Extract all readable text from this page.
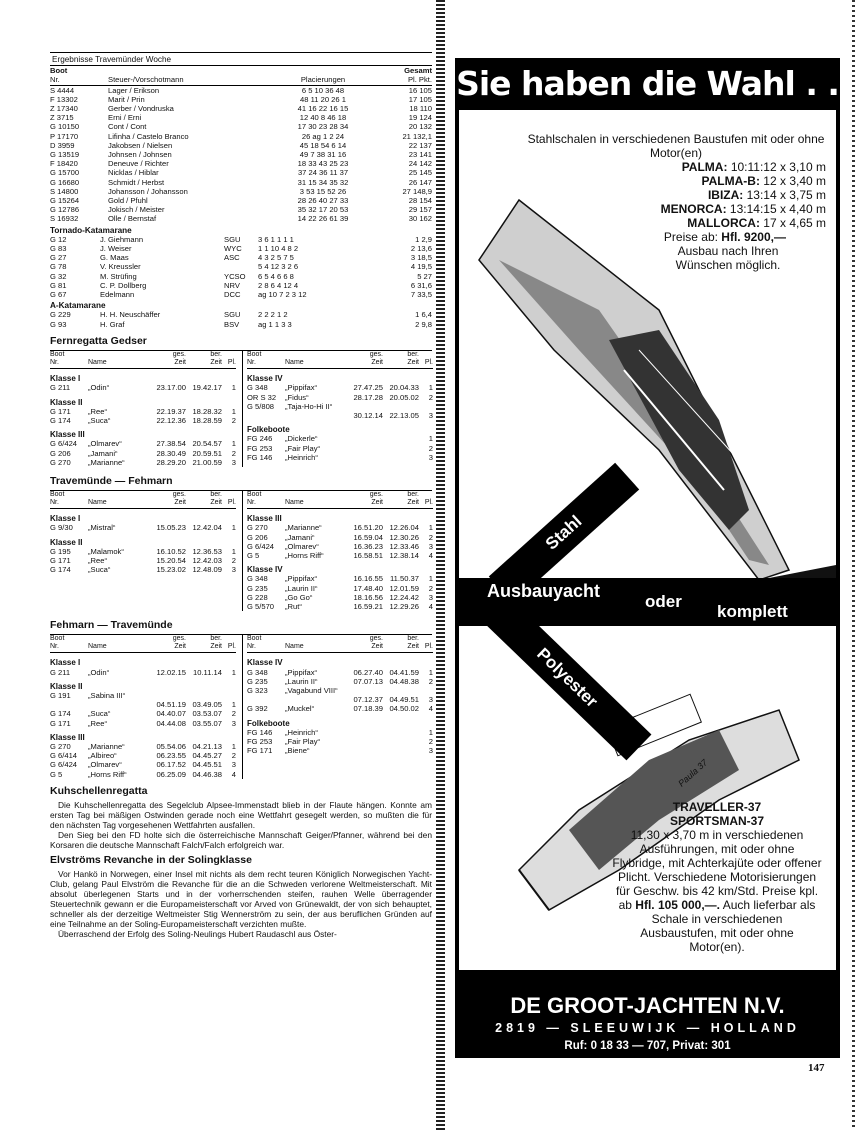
Ergebnisse Travemünder Woche
Boot	Gesamt
Nr.	Steuer-/Vorschotmann	Placierungen	Pl. Pkt.
S 4444	Lager / Erikson	6 5 10 36 48	16 105
F 13302	Marit / Prin	48 11 20 26 1	17 105
Z 17340	Gerber / Vondruska	41 16 22 16 15	18 110
Z 3715	Erni / Erni	12 40 8 46 18	19 124
G 10150	Cont / Cont	17 30 23 28 34	20 132
P 17170	Lifinha / Castelo Branco	26 ag 1 2 24	21 132,1
D 3959	Jakobsen / Nielsen	45 18 54 6 14	22 137
G 13519	Johnsen / Johnsen	49 7 38 31 16	23 141
F 18420	Deneuve / Richter	18 33 43 25 23	24 142
G 15700	Nicklas / Hiblar	37 24 36 11 37	25 145
G 16680	Schmidt / Herbst	31 15 34 35 32	26 147
S 14800	Johansson / Johansson	3 53 15 52 26	27 148,9
G 15264	Gold / Pfuhl	28 26 40 27 33	28 154
G 12786	Jokisch / Meister	35 32 17 20 53	29 157
S 16932	Olle / Bernstaf	14 22 26 61 39	30 162
Tornado-Katamarane
G 12	J. Giehmann	SGU	3 6 1 1 1 1	1 2,9
G 83	J. Weiser	WYC	1 1 10 4 8 2	2 13,6
G 27	G. Maas	ASC	4 3 2 5 7 5	3 18,5
G 78	V. Kreussler	5 4 12 3 2 6	4 19,5
G 32	M. Strüfing	YCSO	6 5 4 6 6 8	5 27
G 81	C. P. Dollberg	NRV	2 8 6 4 12 4	6 31,6
G 67	Edelmann	DCC	ag 10 7 2 3 12	7 33,5
A-Katamarane
G 229	H. H. Neuschäffer	SGU	2 2 2 1 2	1 6,4
G 93	H. Graf	BSV	ag 1 1 3 3	2 9,8
Fernregatta Gedser
Boot	ges.	ber.
Nr.	Name	Zeit	Zeit Pl.
Klasse I
G 211	„Odin“	23.17.00 19.42.17	1
Klasse II
G 171	„Ree“	22.19.37 18.28.32	1
G 174	„Suca“	22.12.36 18.28.59	2
Klasse III
G 6/424	„Olmarev“	27.38.54 20.54.57	1
G 206	„Jamani“	28.30.49 20.59.51	2
G 270	„Marianne“	28.29.20 21.00.59	3
Boot	ges.	ber.
Nr.	Name	Zeit	Zeit Pl.
Klasse IV
G 348	„Pippifax“	27.47.25 20.04.33	1
OR S 32	„Fidus“	28.17.28 20.05.02	2
G 5/808	„Taja-Ho-Hi II“
30.12.14 22.13.05	3
Folkeboote
FG 246	„Dickerle“	1
FG 253	„Fair Play“	2
FG 146	„Heinrich“	3
Travemünde — Fehmarn
Boot	ges.	ber.
Nr.	Name	Zeit	Zeit Pl.
Klasse I
G 9/30	„Mistral“	15.05.23 12.42.04	1
Klasse II
G 195	„Malamok“	16.10.52 12.36.53	1
G 171	„Ree“	15.20.54 12.42.03	2
G 174	„Suca“	15.23.02 12.48.09	3
Boot	ges.	ber.
Nr.	Name	Zeit	Zeit Pl.
Klasse III
G 270	„Marianne“	16.51.20 12.26.04	1
G 206	„Jamani“	16.59.04 12.30.26	2
G 6/424	„Olmarev“	16.36.23 12.33.46	3
G 5	„Horns Riff“	16.58.51 12.38.14	4
Klasse IV
G 348	„Pippifax“	16.16.55 11.50.37	1
G 235	„Laurin II“	17.48.40 12.01.59	2
G 228	„Go Go“	18.16.56 12.24.42	3
G 5/570	„Rut“	16.59.21 12.29.26	4
Fehmarn — Travemünde
Boot	ges.	ber.
Nr.	Name	Zeit	Zeit Pl.
Klasse I
G 211	„Odin“	12.02.15 10.11.14	1
Klasse II
G 191	„Sabina III“
04.51.19 03.49.05	1
G 174	„Suca“	04.40.07 03.53.07	2
G 171	„Ree“	04.44.08 03.55.07	3
Klasse III
G 270	„Marianne“	05.54.06 04.21.13	1
G 6/414	„Albireo“	06.23.55 04.45.27	2
G 6/424	„Olmarev“	06.17.52 04.45.51	3
G 5	„Horns Riff“	06.25.09 04.46.38	4
Boot	ges.	ber.
Nr.	Name	Zeit	Zeit Pl.
Klasse IV
G 348	„Pippifax“	06.27.40 04.41.59	1
G 235	„Laurin II“	07.07.13 04.48.38	2
G 323	„Vagabund VIII“
07.12.37 04.49.51	3
G 392	„Muckel“	07.18.39 04.50.02	4
Folkeboote
FG 146	„Heinrich“	1
FG 253	„Fair Play“	2
FG 171	„Biene“	3
Kuhschellenregatta

Die Kuhschellenregatta des Segelclub Alpsee-Immenstadt blieb in der Flaute hängen. Konnte am ersten Tag bei mäßigen Ostwinden gerade noch eine Wettfahrt gesegelt werden, so mußten die für den nächsten Tag vorgesehenen Wettfahrten ausfallen.

Den Sieg bei den FD holte sich die österreichische Mannschaft Geiger/Pfanner, während bei den Korsaren die deutsche Mannschaft Falch/Falch erfolgreich war.

Elvströms Revanche in der Solingklasse

Vor Hankö in Norwegen, einer Insel mit nichts als dem recht teuren Königlich Norwegischen Yacht-Club, gelang Paul Elvström die Revanche für die an die Schweden verlorene Weltmeisterschaft. Mit absolut überlegenen Starts und in der vorherrschenden steifen, rauhen Welle überragender Steuertechnik gewann er die Europameisterschaft vor Arved von Grünewaldt, der von sich behauptet, schneller als der derzeitige Weltmeister Stig Wennerström zu sein, der aus beruflichen Gründen auf eine Teilnahme an der Soling-Europameisterschaft verzichten mußte.

Überraschend der Erfolg des Soling-Neulings Hubert Raudaschl aus Öster-

Sie haben die Wahl . .
Stahlschalen in verschiedenen Baustufen mit oder ohne Motor(en)
PALMA: 10:11:12 x 3,10 m
PALMA-B: 12 x 3,40 m
IBIZA: 13:14 x 3,75 m
MENORCA: 13:14:15 x 4,40 m
MALLORCA: 17 x 4,65 m
Preise ab: Hfl. 9200,—
Ausbau nach Ihren Wünschen möglich.
Stahl
Ausbauyacht
oder
komplett
Polyester
Paula 37
TRAVELLER-37
SPORTSMAN-37
11,30 x 3,70 m in verschiedenen Ausführungen, mit oder ohne Flybridge, mit Achterkajüte oder offener Plicht. Verschiedene Motorisierungen für Geschw. bis 42 km/Std. Preise kpl. ab Hfl. 105 000,—. Auch lieferbar als Schale in verschiedenen Ausbaustufen, mit oder ohne Motor(en).
DE GROOT-JACHTEN N.V.
2819 — SLEEUWIJK — HOLLAND
Ruf: 0 18 33 — 707, Privat: 301
147
